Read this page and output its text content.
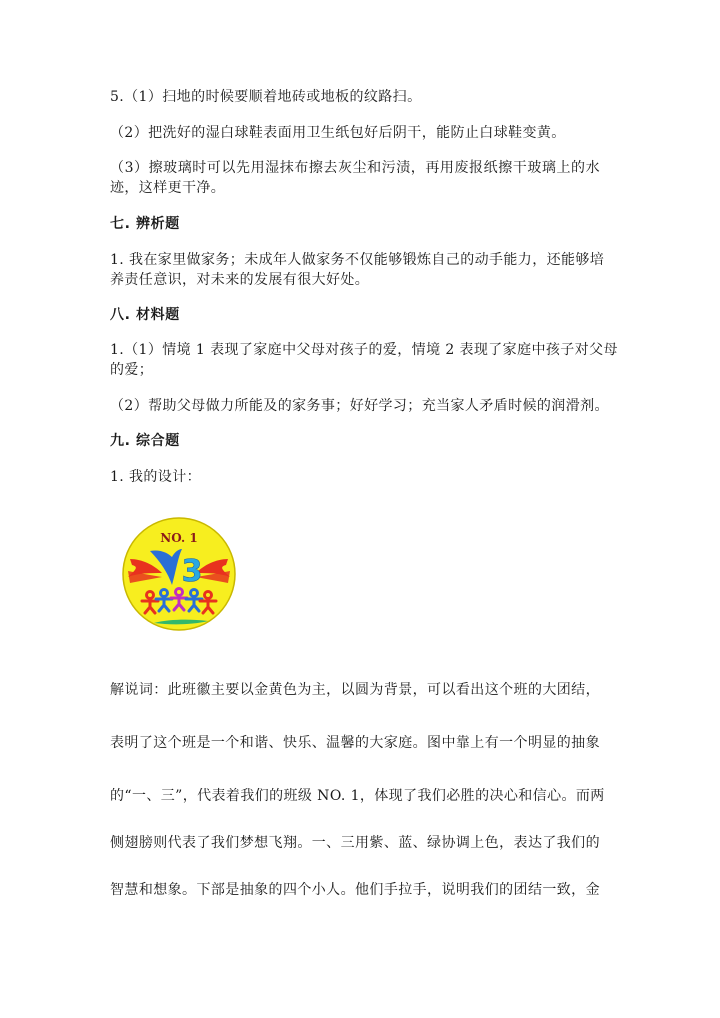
5.（1）扫地的时候要顺着地砖或地板的纹路扫。
（2）把洗好的湿白球鞋表面用卫生纸包好后阴干，能防止白球鞋变黄。
（3）擦玻璃时可以先用湿抹布擦去灰尘和污渍，再用废报纸擦干玻璃上的水
迹，这样更干净。
七. 辨析题
1. 我在家里做家务；未成年人做家务不仅能够锻炼自己的动手能力，还能够培
养责任意识，对未来的发展有很大好处。
八. 材料题
1.（1）情境 1 表现了家庭中父母对孩子的爱，情境 2 表现了家庭中孩子对父母
的爱；
（2）帮助父母做力所能及的家务事；好好学习；充当家人矛盾时候的润滑剂。
九. 综合题
1. 我的设计：
解说词：此班徽主要以金黄色为主，以圆为背景，可以看出这个班的大团结，
表明了这个班是一个和谐、快乐、温馨的大家庭。图中靠上有一个明显的抽象
的“一、三”，代表着我们的班级 NO. 1，体现了我们必胜的决心和信心。而两
侧翅膀则代表了我们梦想飞翔。一、三用紫、蓝、绿协调上色，表达了我们的
智慧和想象。下部是抽象的四个小人。他们手拉手，说明我们的团结一致，金
NO. 1
3
